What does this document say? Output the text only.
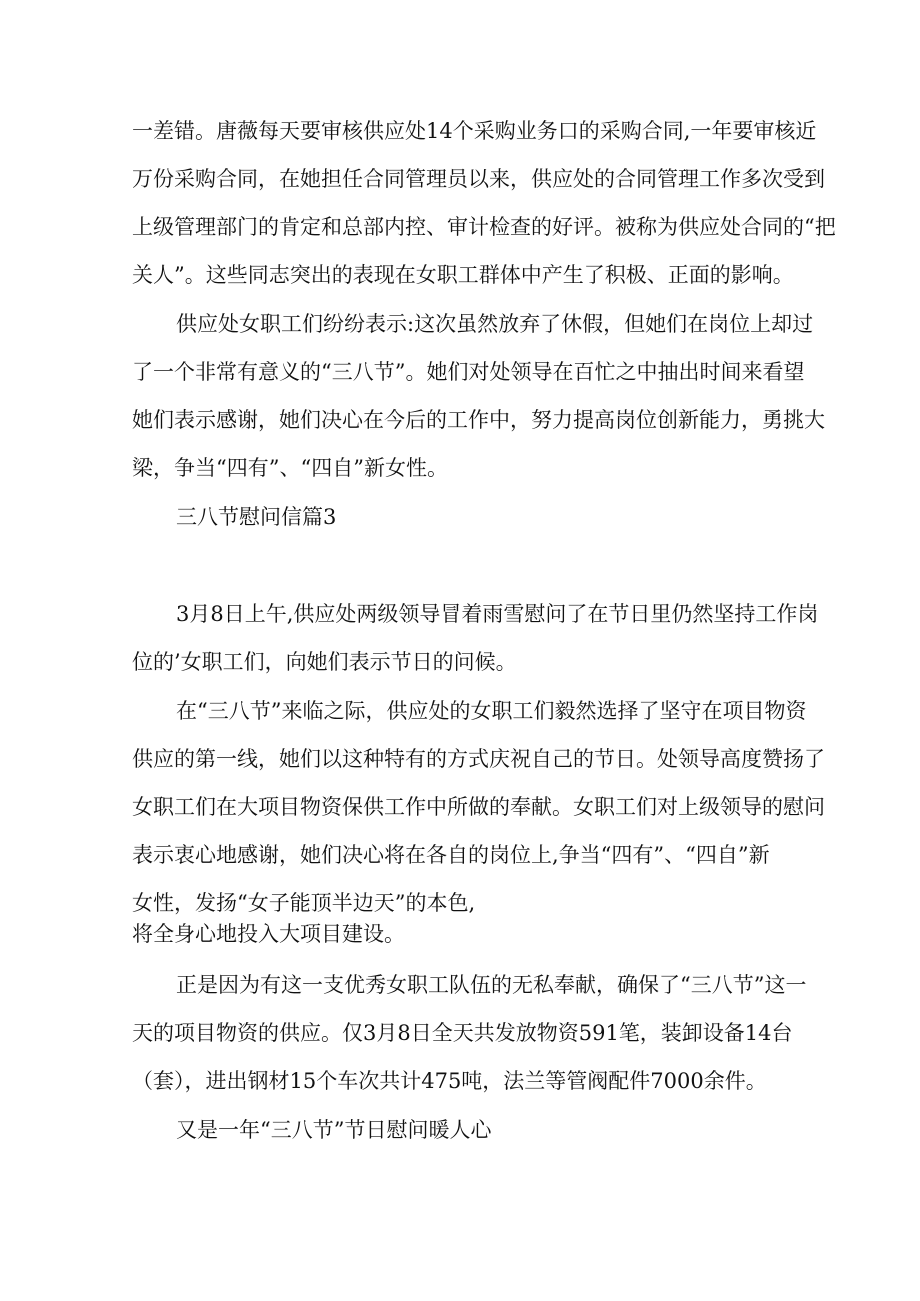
一差错。唐薇每天要审核供应处14个采购业务口的采购合同,一年要审核近

万份采购合同，在她担任合同管理员以来，供应处的合同管理工作多次受到

上级管理部门的肯定和总部内控、审计检查的好评。被称为供应处合同的“把

关人”。这些同志突出的表现在女职工群体中产生了积极、正面的影响。

供应处女职工们纷纷表示:这次虽然放弃了休假，但她们在岗位上却过

了一个非常有意义的“三八节”。她们对处领导在百忙之中抽出时间来看望

她们表示感谢，她们决心在今后的工作中，努力提高岗位创新能力，勇挑大

梁，争当“四有”、“四自”新女性。

三八节慰问信篇3

3月8日上午,供应处两级领导冒着雨雪慰问了在节日里仍然坚持工作岗

位的’女职工们，向她们表示节日的问候。

在“三八节”来临之际，供应处的女职工们毅然选择了坚守在项目物资

供应的第一线，她们以这种特有的方式庆祝自己的节日。处领导高度赞扬了

女职工们在大项目物资保供工作中所做的奉献。女职工们对上级领导的慰问

表示衷心地感谢，她们决心将在各自的岗位上,争当“四有”、“四自”新

女性，发扬“女子能顶半边天”的本色,

将全身心地投入大项目建设。

正是因为有这一支优秀女职工队伍的无私奉献，确保了“三八节”这一

天的项目物资的供应。仅3月8日全天共发放物资591笔，装卸设备14台

（套），进出钢材15个车次共计475吨，法兰等管阀配件7000余件。

又是一年“三八节”节日慰问暖人心
